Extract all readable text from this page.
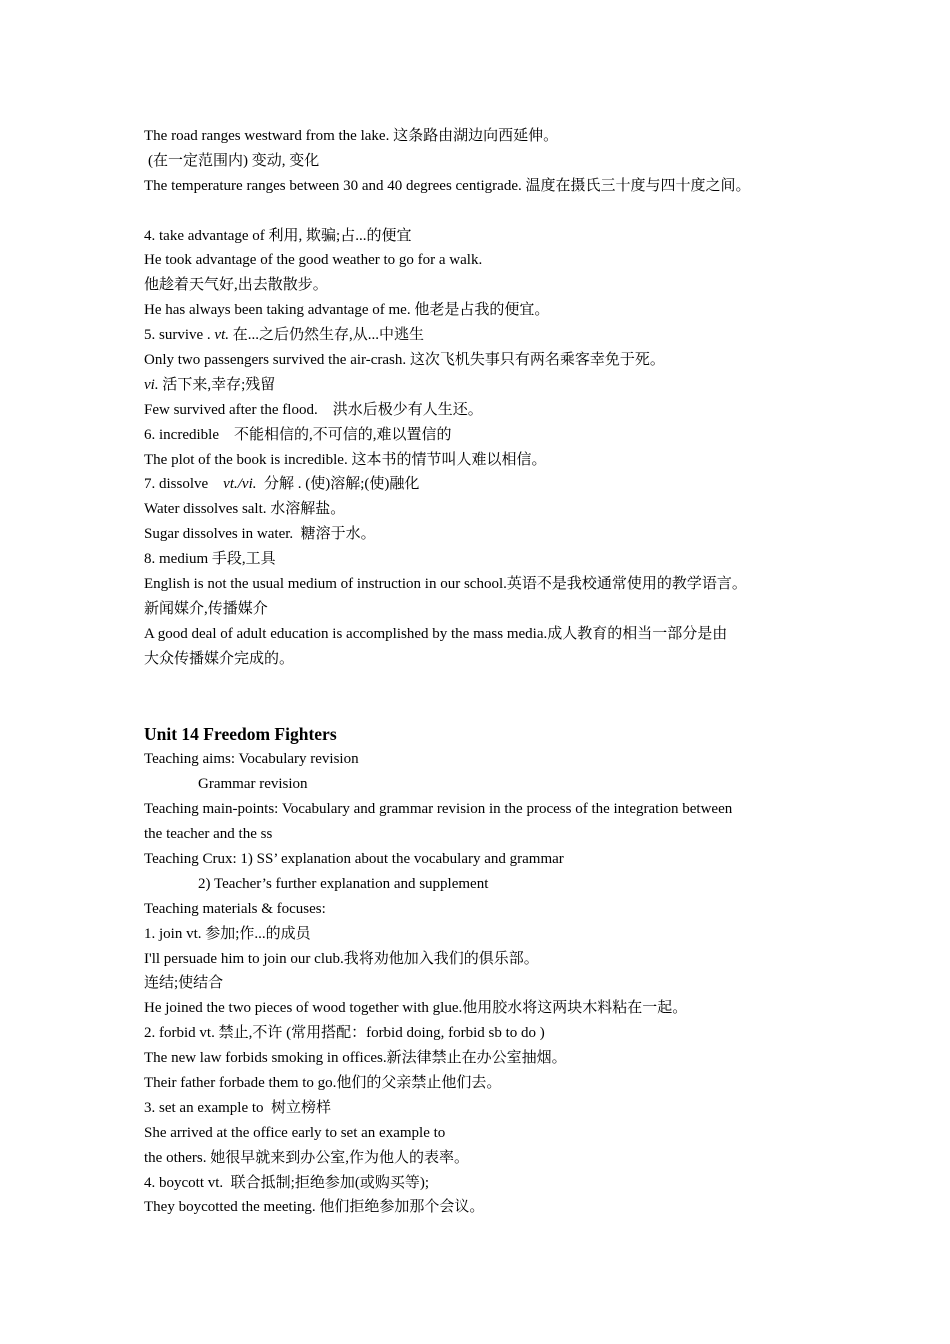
The road ranges westward from the lake. 这条路由湖边向西延伸。
(在一定范围内) 变动, 变化
The temperature ranges between 30 and 40 degrees centigrade. 温度在摄氏三十度与四十度之间。
4. take advantage of 利用, 欺骗;占...的便宜
He took advantage of the good weather to go for a walk.
他趁着天气好,出去散散步。
He has always been taking advantage of me. 他老是占我的便宜。
5. survive . vt. 在...之后仍然生存,从...中逃生
Only two passengers survived the air-crash. 这次飞机失事只有两名乘客幸免于死。
vi. 活下来,幸存;残留
Few survived after the flood.    洪水后极少有人生还。
6. incredible    不能相信的,不可信的,难以置信的
The plot of the book is incredible. 这本书的情节叫人难以相信。
7. dissolve    vt./vi.  分解 . (使)溶解;(使)融化
Water dissolves salt. 水溶解盐。
Sugar dissolves in water.  糖溶于水。
8. medium 手段,工具
English is not the usual medium of instruction in our school.英语不是我校通常使用的教学语言。
新闻媒介,传播媒介
A good deal of adult education is accomplished by the mass media.成人教育的相当一部分是由
大众传播媒介完成的。
Unit 14 Freedom Fighters
Teaching aims: Vocabulary revision
Grammar revision
Teaching main-points: Vocabulary and grammar revision in the process of the integration between
the teacher and the ss
Teaching Crux: 1) SS’ explanation about the vocabulary and grammar
2) Teacher’s further explanation and supplement
Teaching materials & focuses:
1. join vt. 参加;作...的成员
I'll persuade him to join our club.我将劝他加入我们的俱乐部。
连结;使结合
He joined the two pieces of wood together with glue.他用胶水将这两块木料粘在一起。
2. forbid vt. 禁止,不许 (常用搭配：forbid doing, forbid sb to do )
The new law forbids smoking in offices.新法律禁止在办公室抽烟。
Their father forbade them to go.他们的父亲禁止他们去。
3. set an example to  树立榜样
She arrived at the office early to set an example to
the others. 她很早就来到办公室,作为他人的表率。
4. boycott vt.  联合抵制;拒绝参加(或购买等);
They boycotted the meeting. 他们拒绝参加那个会议。
